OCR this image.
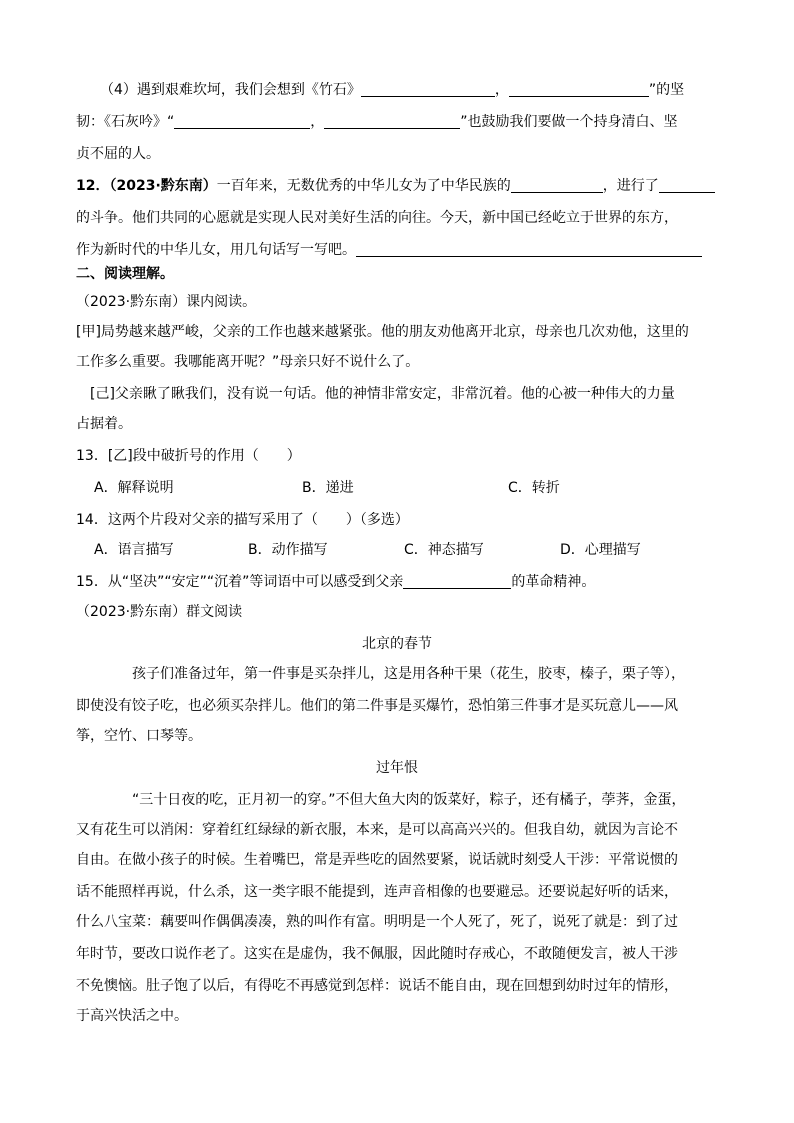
（4）遇到艰难坎坷，我们会想到《竹石》	，	”的坚
韧：《石灰吟》“	，	”也鼓励我们要做一个持身清白、坚
贞不屈的人。
12．（2023·黔东南）一百年来，无数优秀的中华儿女为了中华民族的	，进行了
的斗争。他们共同的心愿就是实现人民对美好生活的向往。今天，新中国已经屹立于世界的东方，
作为新时代的中华儿女，用几句话写一写吧。
二、阅读理解。
（2023·黔东南）课内阅读。
[甲]局势越来越严峻，父亲的工作也越来越紧张。他的朋友劝他离开北京，母亲也几次劝他，这里的
工作多么重要。我哪能离开呢？”母亲只好不说什么了。
[己]父亲瞅了瞅我们，没有说一句话。他的神情非常安定，非常沉着。他的心被一种伟大的力量
占据着。
13．[乙]段中破折号的作用（　　）
A．解释说明	B．递进	C．转折
14．这两个片段对父亲的描写采用了（　　）（多选）
A．语言描写	B．动作描写	C．神态描写	D．心理描写
15．从“坚决”“安定”“沉着”等词语中可以感受到父亲	的革命精神。
（2023·黔东南）群文阅读
北京的春节
孩子们准备过年，第一件事是买杂拌儿，这是用各种干果（花生，胶枣，榛子，栗子等），
即使没有饺子吃，也必须买杂拌儿。他们的第二件事是买爆竹，恐怕第三件事才是买玩意儿——风
筝，空竹、口琴等。
过年恨
“三十日夜的吃，正月初一的穿。”不但大鱼大肉的饭菜好，粽子，还有橘子，荸荠，金蛋，
又有花生可以消闲：穿着红红绿绿的新衣服，本来，是可以高高兴兴的。但我自幼，就因为言论不
自由。在做小孩子的时候。生着嘴巴，常是弄些吃的固然要紧，说话就时刻受人干涉：平常说惯的
话不能照样再说，什么杀，这一类字眼不能提到，连声音相像的也要避忌。还要说起好听的话来，
什么八宝菜：藕要叫作偶偶凑凑，熟的叫作有富。明明是一个人死了，死了，说死了就是：到了过
年时节，要改口说作老了。这实在是虚伪，我不佩服，因此随时存戒心，不敢随便发言，被人干涉
不免懊恼。肚子饱了以后，有得吃不再感觉到怎样：说话不能自由，现在回想到幼时过年的情形，
于高兴快活之中。
